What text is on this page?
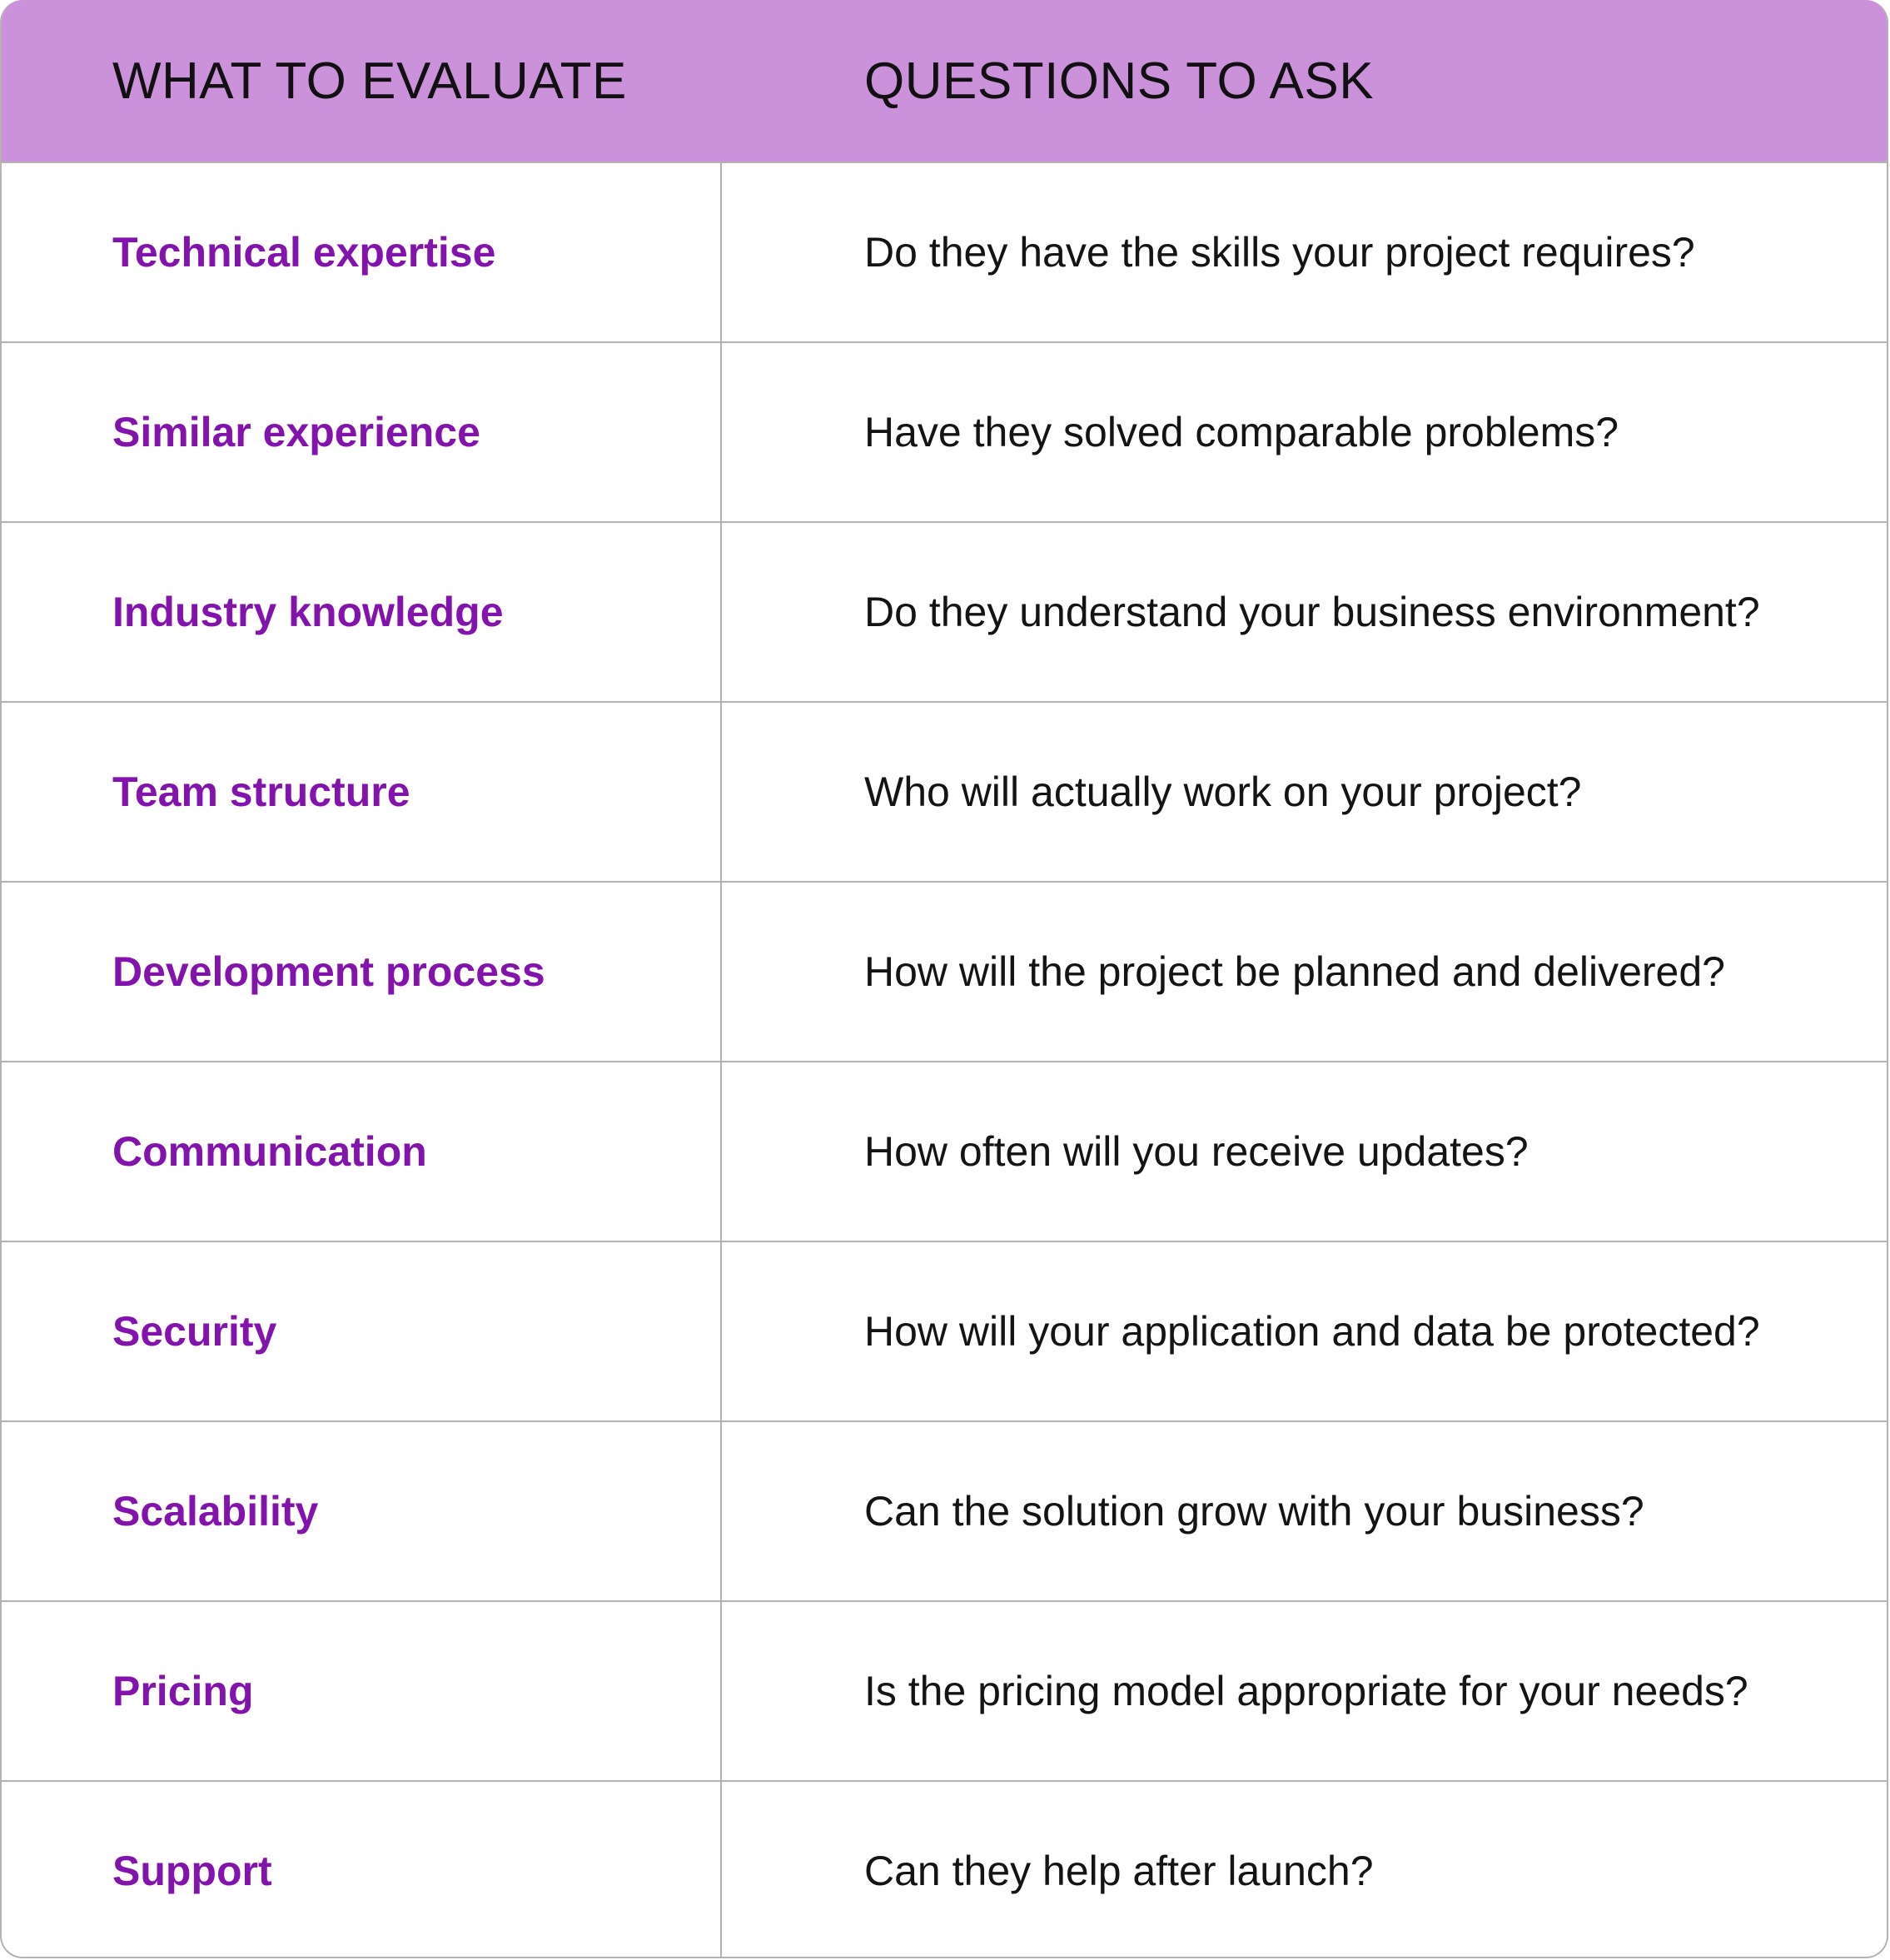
WHAT TO EVALUATE	QUESTIONS TO ASK
Technical expertise	Do they have the skills your project requires?
Similar experience	Have they solved comparable problems?
Industry knowledge	Do they understand your business environment?
Team structure	Who will actually work on your project?
Development process	How will the project be planned and delivered?
Communication	How often will you receive updates?
Security	How will your application and data be protected?
Scalability	Can the solution grow with your business?
Pricing	Is the pricing model appropriate for your needs?
Support	Can they help after launch?
